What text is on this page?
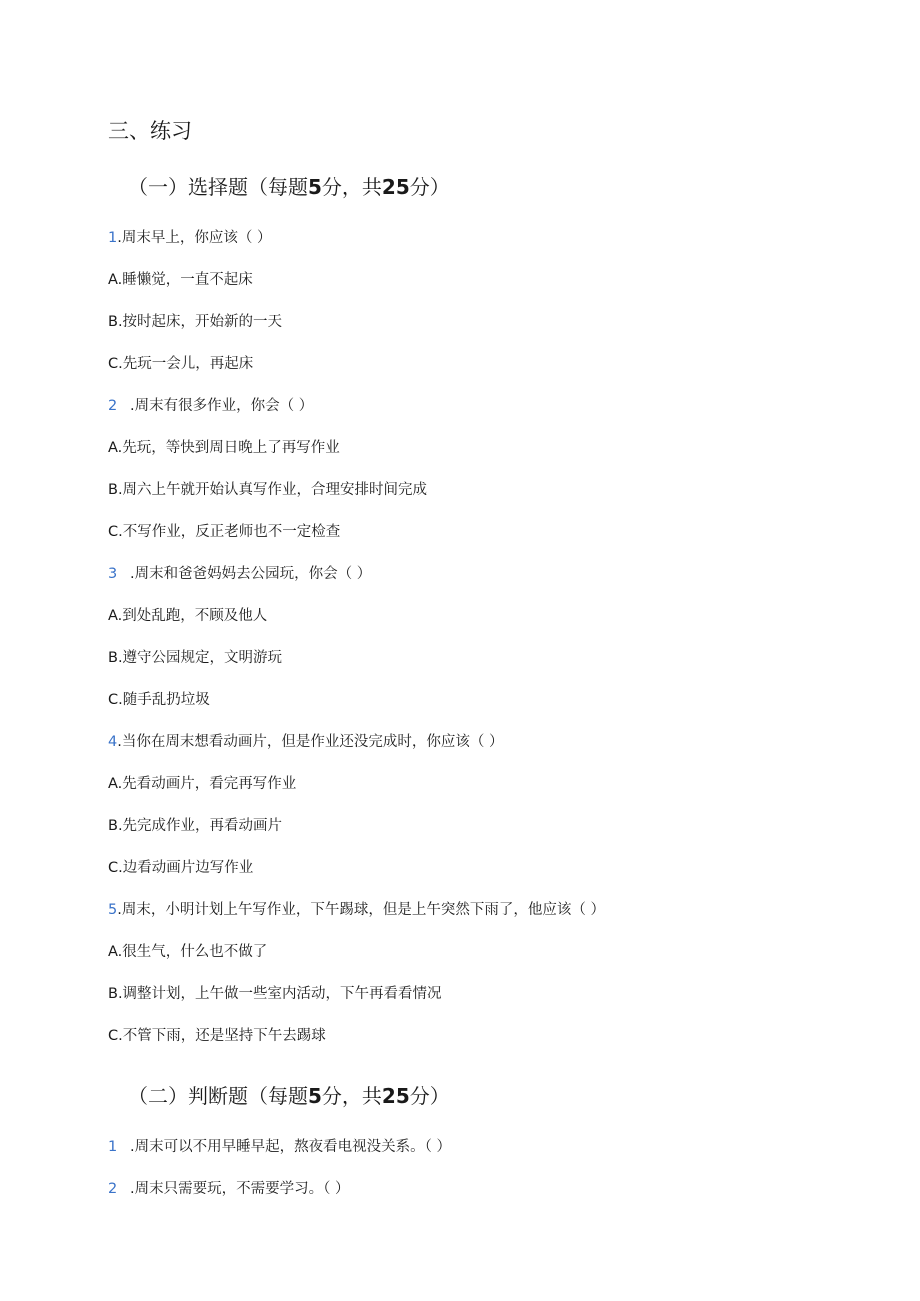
三、练习
（一）选择题（每题5分，共25分）
1.周末早上，你应该（ ）
A.睡懒觉，一直不起床
B.按时起床，开始新的一天
C.先玩一会儿，再起床
2 .周末有很多作业，你会（ ）
A.先玩，等快到周日晚上了再写作业
B.周六上午就开始认真写作业，合理安排时间完成
C.不写作业，反正老师也不一定检查
3 .周末和爸爸妈妈去公园玩，你会（ ）
A.到处乱跑，不顾及他人
B.遵守公园规定，文明游玩
C.随手乱扔垃圾
4.当你在周末想看动画片，但是作业还没完成时，你应该（ ）
A.先看动画片，看完再写作业
B.先完成作业，再看动画片
C.边看动画片边写作业
5.周末，小明计划上午写作业，下午踢球，但是上午突然下雨了，他应该（ ）
A.很生气，什么也不做了
B.调整计划，上午做一些室内活动，下午再看看情况
C.不管下雨，还是坚持下午去踢球
（二）判断题（每题5分，共25分）
1 .周末可以不用早睡早起，熬夜看电视没关系。（ ）
2 .周末只需要玩，不需要学习。（ ）
